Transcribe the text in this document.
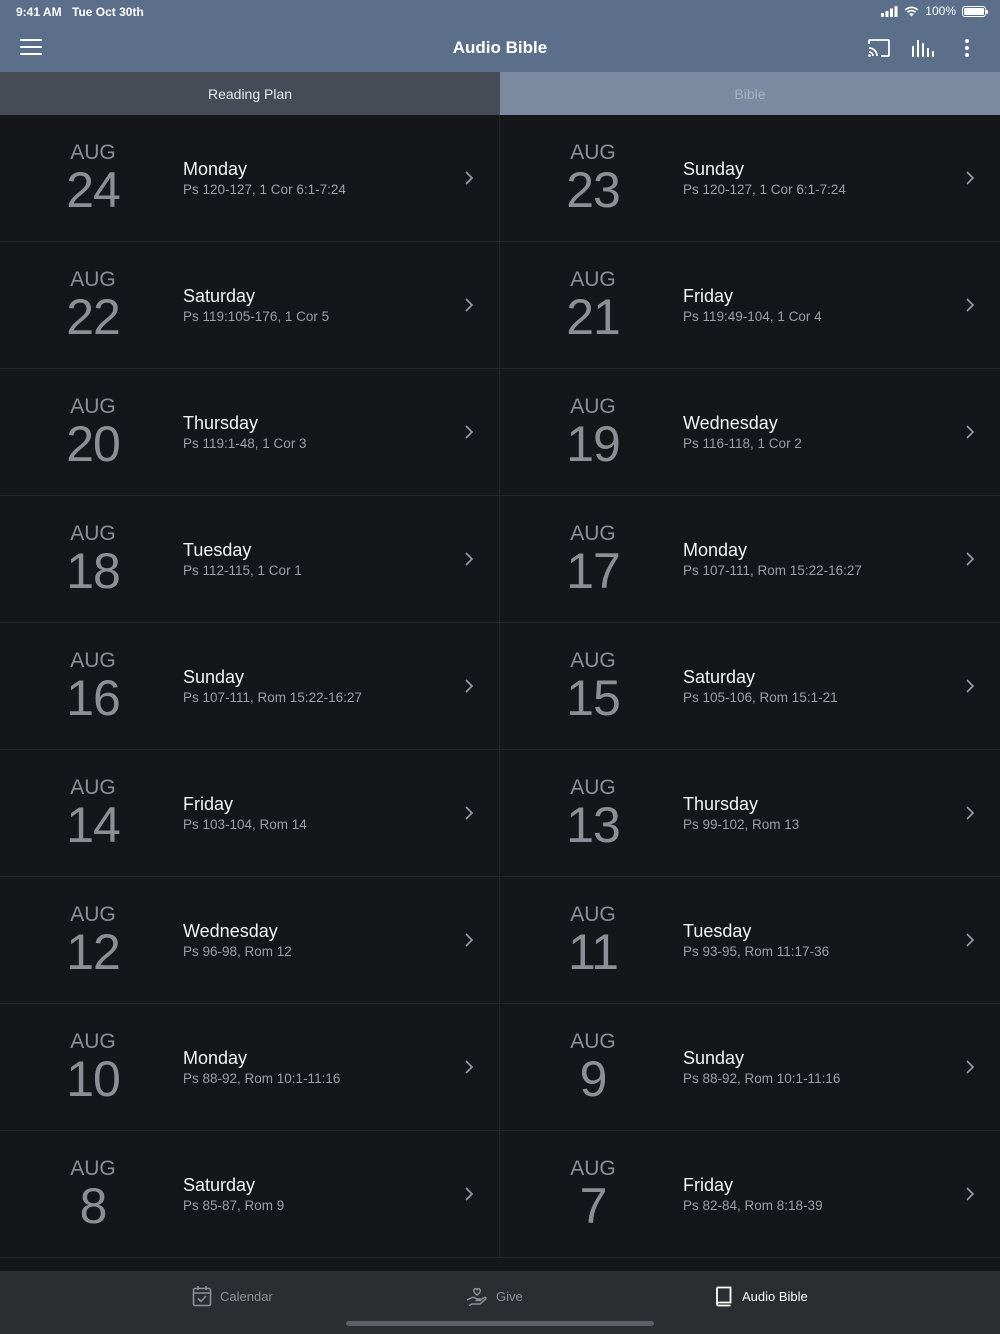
9:41 AM Tue Oct 30th	100%
Audio Bible
Reading Plan	Bible
AUG
24	Monday
Ps 120-127, 1 Cor 6:1-7:24
AUG
23	Sunday
Ps 120-127, 1 Cor 6:1-7:24
AUG
22	Saturday
Ps 119:105-176, 1 Cor 5
AUG
21	Friday
Ps 119:49-104, 1 Cor 4
AUG
20	Thursday
Ps 119:1-48, 1 Cor 3
AUG
19	Wednesday
Ps 116-118, 1 Cor 2
AUG
18	Tuesday
Ps 112-115, 1 Cor 1
AUG
17	Monday
Ps 107-111, Rom 15:22-16:27
AUG
16	Sunday
Ps 107-111, Rom 15:22-16:27
AUG
15	Saturday
Ps 105-106, Rom 15:1-21
AUG
14	Friday
Ps 103-104, Rom 14
AUG
13	Thursday
Ps 99-102, Rom 13
AUG
12	Wednesday
Ps 96-98, Rom 12
AUG
11	Tuesday
Ps 93-95, Rom 11:17-36
AUG
10	Monday
Ps 88-92, Rom 10:1-11:16
AUG
9	Sunday
Ps 88-92, Rom 10:1-11:16
AUG
8	Saturday
Ps 85-87, Rom 9
AUG
7	Friday
Ps 82-84, Rom 8:18-39
Calendar	Give	Audio Bible
